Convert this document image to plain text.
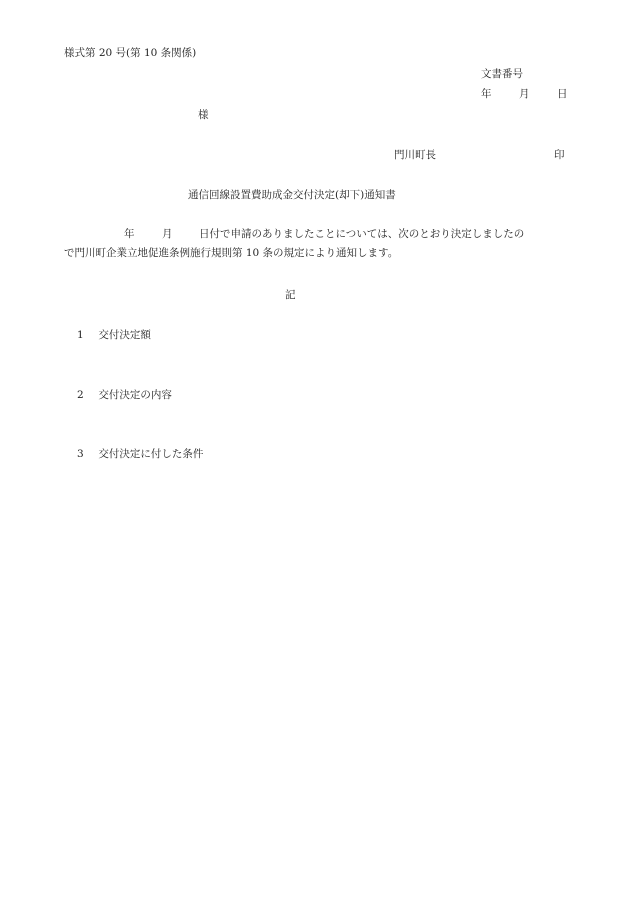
様式第 20 号(第 10 条関係)
文書番号
年	月	日
様
門川町長	印
通信回線設置費助成金交付決定(却下)通知書
年	月	日付で申請のありましたことについては、次のとおり決定しましたの
で門川町企業立地促進条例施行規則第 10 条の規定により通知します。
記
1 交付決定額
2 交付決定の内容
3 交付決定に付した条件
